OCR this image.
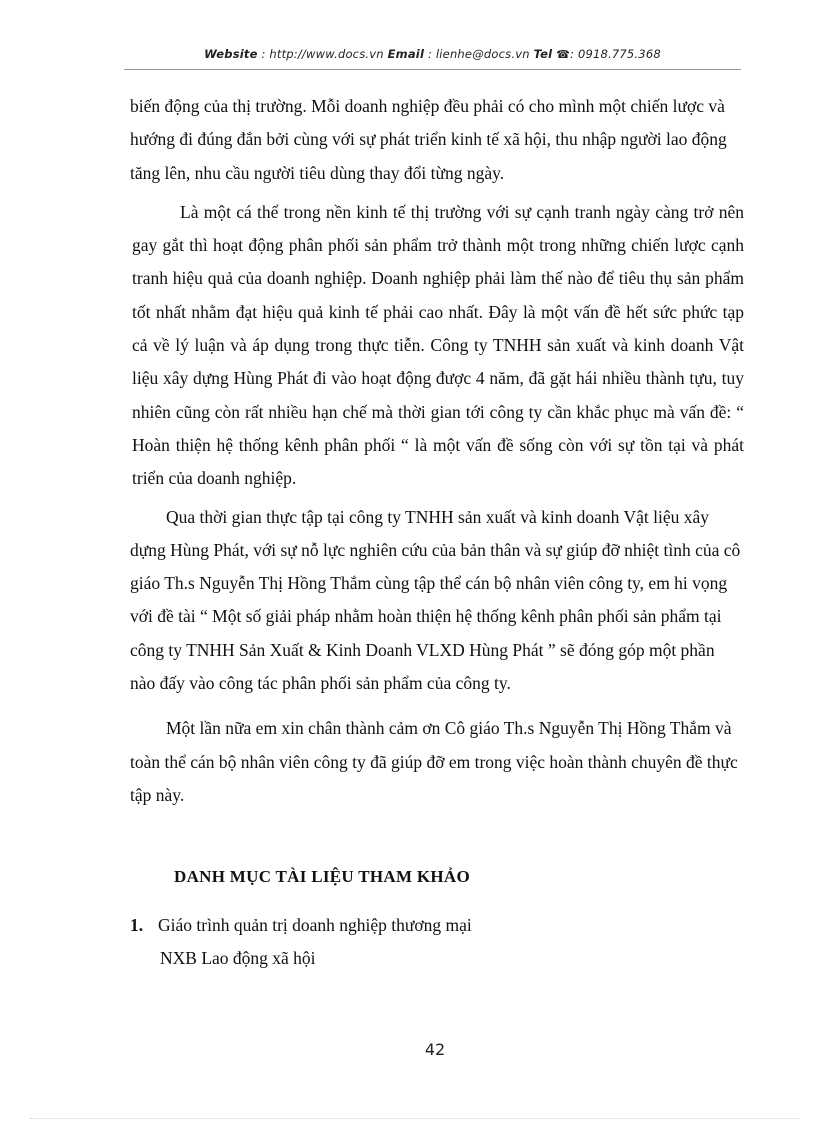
Website : http://www.docs.vn Email : lienhe@docs.vn Tel ☎: 0918.775.368

biến động của thị trường. Mỗi doanh nghiệp đều phải có cho mình một chiến lược và hướng đi đúng đắn bởi cùng với sự phát triển kinh tế xã hội, thu nhập người lao động tăng lên, nhu cầu người tiêu dùng thay đổi từng ngày.

Là một cá thể trong nền kinh tế thị trường với sự cạnh tranh ngày càng trở nên gay gắt thì hoạt động phân phối sản phẩm trở thành một trong những chiến lược cạnh tranh hiệu quả của doanh nghiệp. Doanh nghiệp phải làm thế nào để tiêu thụ sản phẩm tốt nhất nhằm đạt hiệu quả kinh tế phải cao nhất. Đây là một vấn đề hết sức phức tạp cả về lý luận và áp dụng trong thực tiễn. Công ty TNHH sản xuất và kinh doanh Vật liệu xây dựng Hùng Phát đi vào hoạt động được 4 năm, đã gặt hái nhiều thành tựu, tuy nhiên cũng còn rất nhiều hạn chế mà thời gian tới công ty cần khắc phục mà vấn đề: “ Hoàn thiện hệ thống kênh phân phối “ là một vấn đề sống còn với sự tồn tại và phát triển của doanh nghiệp.

Qua thời gian thực tập tại công ty TNHH sản xuất và kinh doanh Vật liệu xây dựng Hùng Phát, với sự nỗ lực nghiên cứu của bản thân và sự giúp đỡ nhiệt tình của cô giáo Th.s Nguyễn Thị Hồng Thắm cùng tập thể cán bộ nhân viên công ty, em hi vọng với đề tài “ Một số giải pháp nhằm hoàn thiện hệ thống kênh phân phối sản phẩm tại công ty TNHH Sản Xuất & Kinh Doanh VLXD Hùng Phát ” sẽ đóng góp một phần nào đấy vào công tác phân phối sản phẩm của công ty.

Một lần nữa em xin chân thành cảm ơn Cô giáo Th.s Nguyễn Thị Hồng Thắm và toàn thể cán bộ nhân viên công ty đã giúp đỡ em trong việc hoàn thành chuyên đề thực tập này.

DANH MỤC TÀI LIỆU THAM KHẢO
1. Giáo trình quản trị doanh nghiệp thương mại
NXB Lao động xã hội
42
